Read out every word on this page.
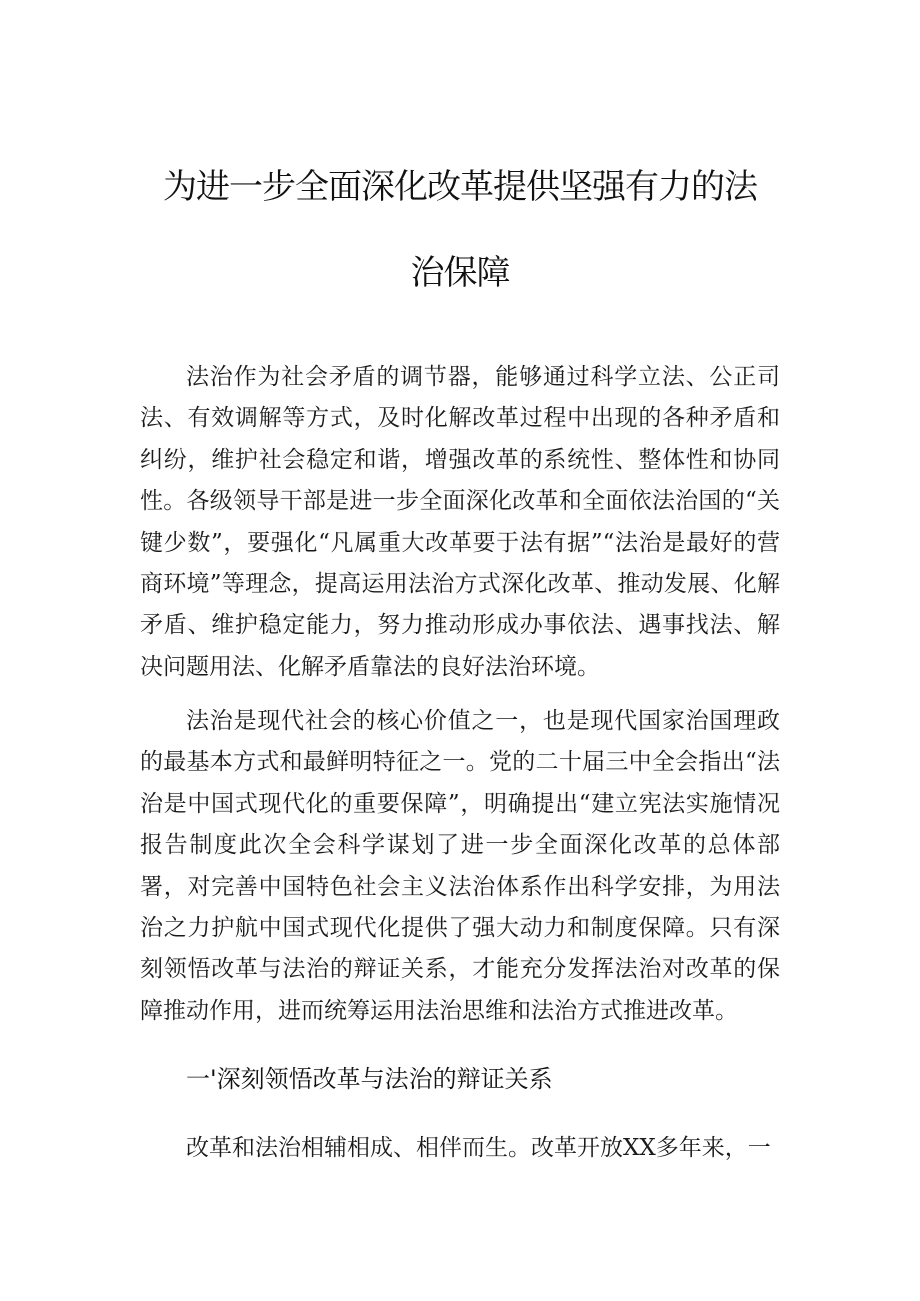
为进一步全面深化改革提供坚强有力的法
治保障

法治作为社会矛盾的调节器，能够通过科学立法、公正司法、有效调解等方式，及时化解改革过程中出现的各种矛盾和纠纷，维护社会稳定和谐，增强改革的系统性、整体性和协同性。各级领导干部是进一步全面深化改革和全面依法治国的“关键少数”，要强化“凡属重大改革要于法有据”“法治是最好的营商环境”等理念，提高运用法治方式深化改革、推动发展、化解矛盾、维护稳定能力，努力推动形成办事依法、遇事找法、解决问题用法、化解矛盾靠法的良好法治环境。

法治是现代社会的核心价值之一，也是现代国家治国理政的最基本方式和最鲜明特征之一。党的二十届三中全会指出“法治是中国式现代化的重要保障”，明确提出“建立宪法实施情况报告制度此次全会科学谋划了进一步全面深化改革的总体部署，对完善中国特色社会主义法治体系作出科学安排，为用法治之力护航中国式现代化提供了强大动力和制度保障。只有深刻领悟改革与法治的辩证关系，才能充分发挥法治对改革的保障推动作用，进而统筹运用法治思维和法治方式推进改革。

一'深刻领悟改革与法治的辩证关系

改革和法治相辅相成、相伴而生。改革开放XX多年来，一
